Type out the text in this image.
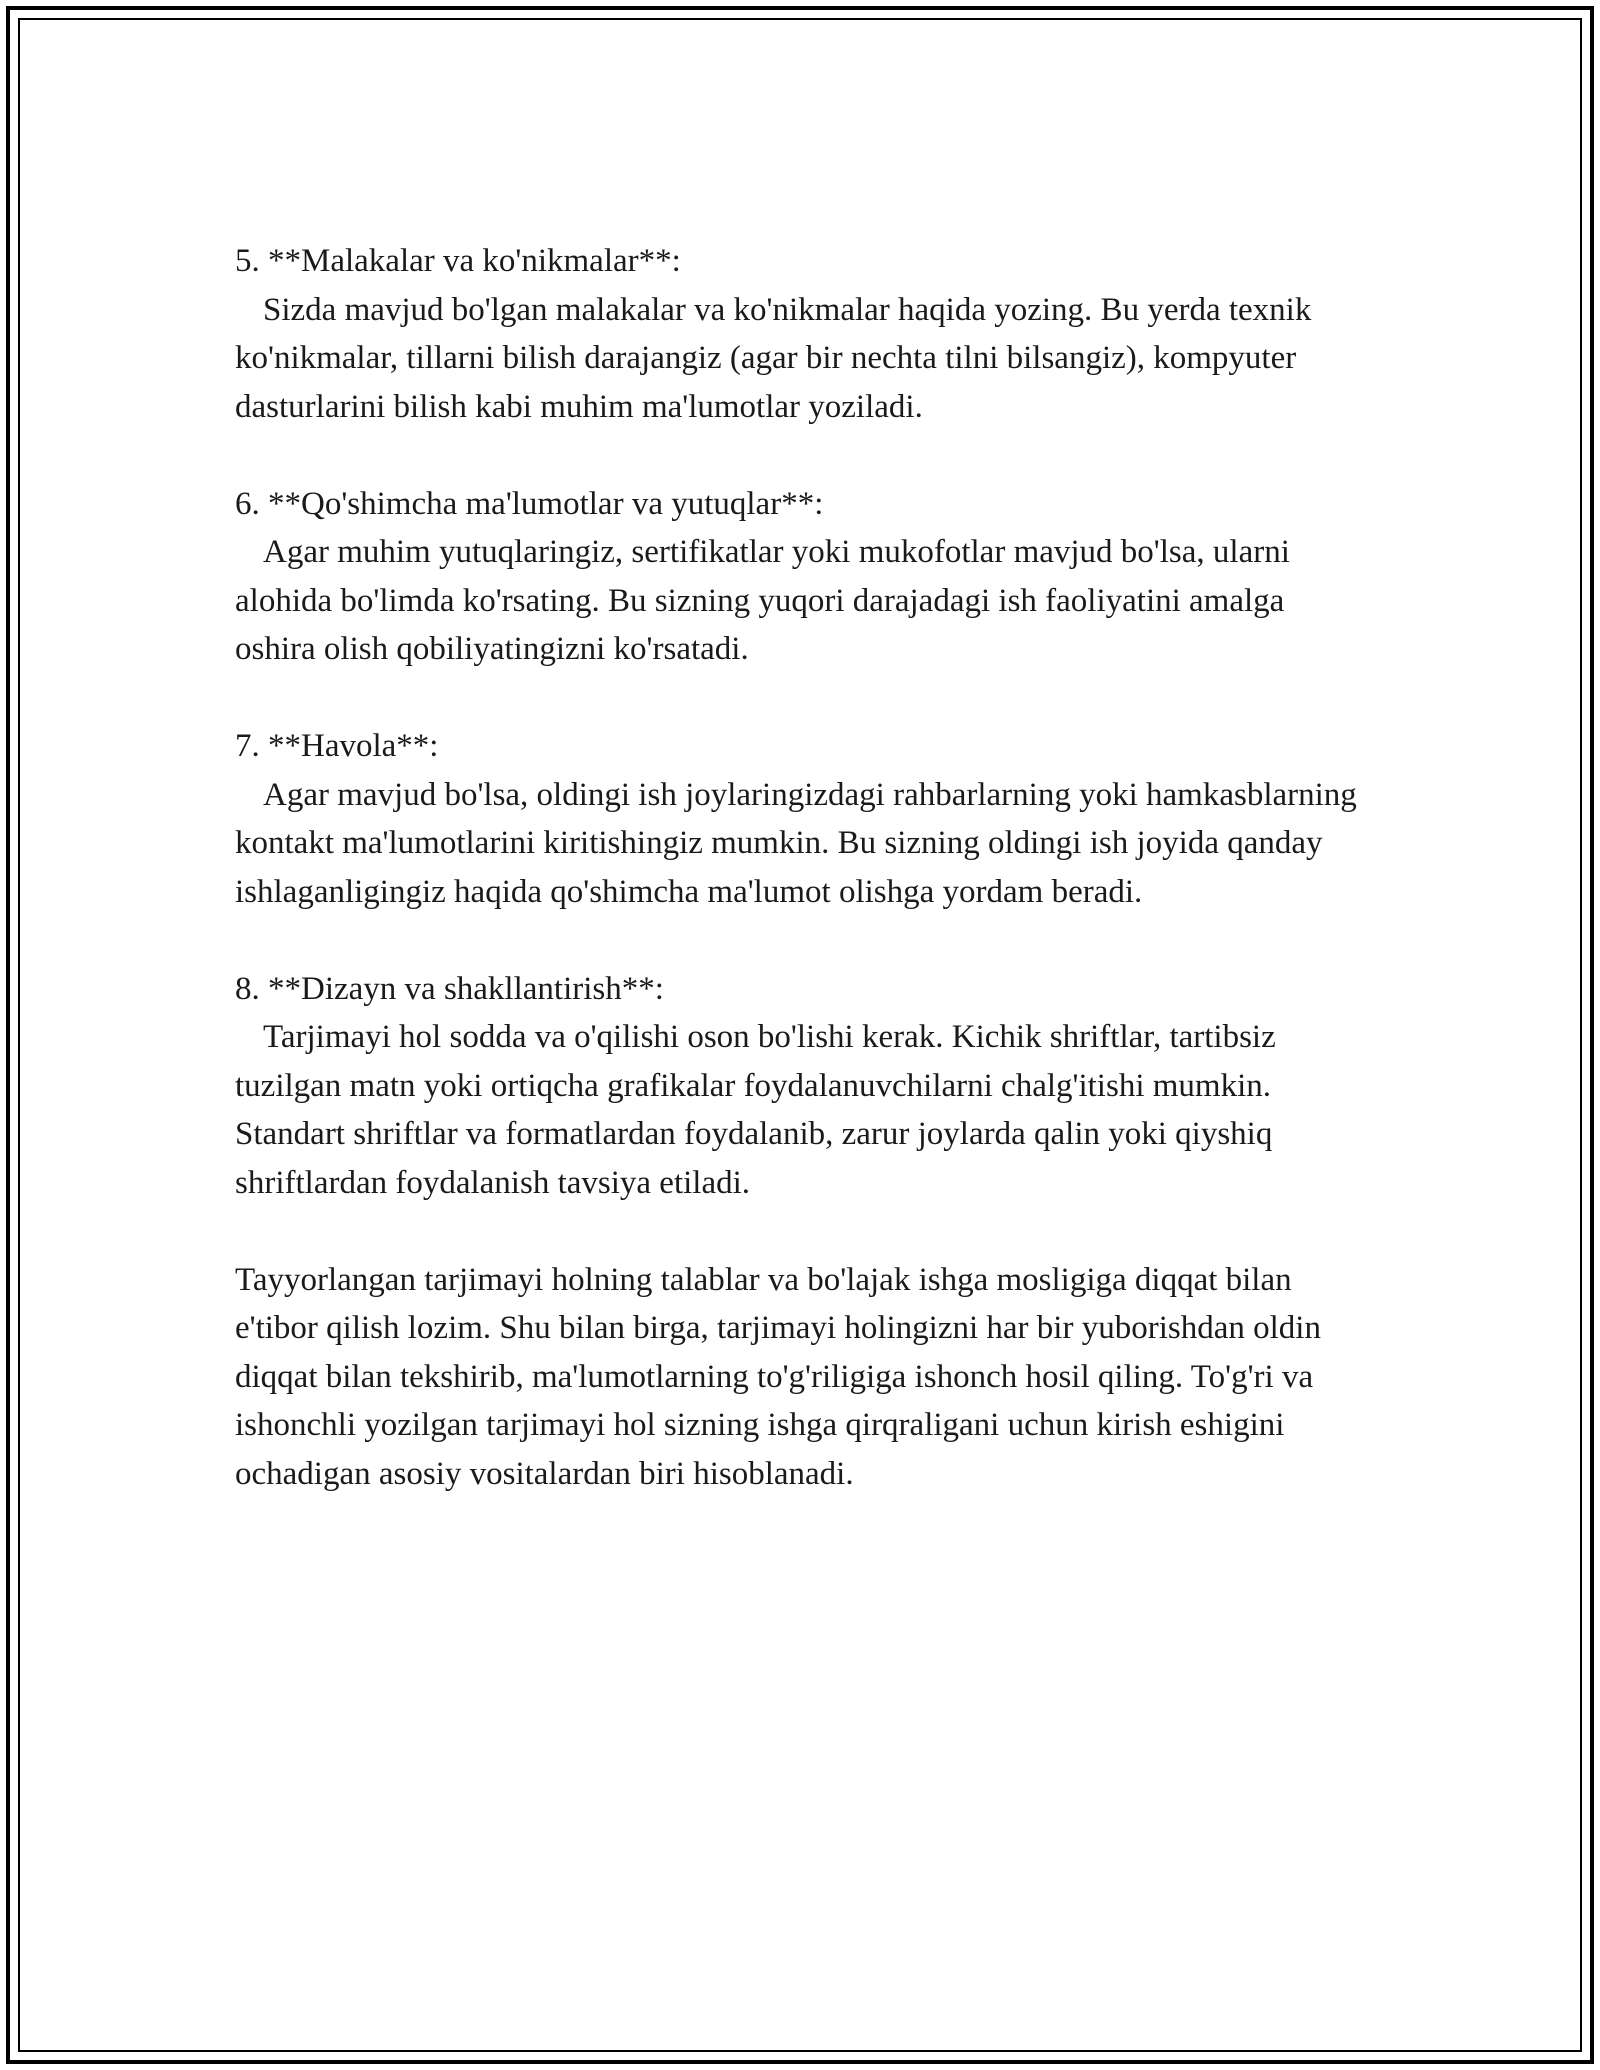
5. **Malakalar va ko'nikmalar**:
Sizda mavjud bo'lgan malakalar va ko'nikmalar haqida yozing. Bu yerda texnik ko'nikmalar, tillarni bilish darajangiz (agar bir nechta tilni bilsangiz), kompyuter dasturlarini bilish kabi muhim ma'lumotlar yoziladi.
6. **Qo'shimcha ma'lumotlar va yutuqlar**:
Agar muhim yutuqlaringiz, sertifikatlar yoki mukofotlar mavjud bo'lsa, ularni alohida bo'limda ko'rsating. Bu sizning yuqori darajadagi ish faoliyatini amalga oshira olish qobiliyatingizni ko'rsatadi.
7. **Havola**:
Agar mavjud bo'lsa, oldingi ish joylaringizdagi rahbarlarning yoki hamkasblarning kontakt ma'lumotlarini kiritishingiz mumkin. Bu sizning oldingi ish joyida qanday ishlaganligingiz haqida qo'shimcha ma'lumot olishga yordam beradi.
8. **Dizayn va shakllantirish**:
Tarjimayi hol sodda va o'qilishi oson bo'lishi kerak. Kichik shriftlar, tartibsiz tuzilgan matn yoki ortiqcha grafikalar foydalanuvchilarni chalg'itishi mumkin. Standart shriftlar va formatlardan foydalanib, zarur joylarda qalin yoki qiyshiq shriftlardan foydalanish tavsiya etiladi.
Tayyorlangan tarjimayi holning talablar va bo'lajak ishga mosligiga diqqat bilan e'tibor qilish lozim. Shu bilan birga, tarjimayi holingizni har bir yuborishdan oldin diqqat bilan tekshirib, ma'lumotlarning to'g'riligiga ishonch hosil qiling. To'g'ri va ishonchli yozilgan tarjimayi hol sizning ishga qirqraligani uchun kirish eshigini ochadigan asosiy vositalardan biri hisoblanadi.
